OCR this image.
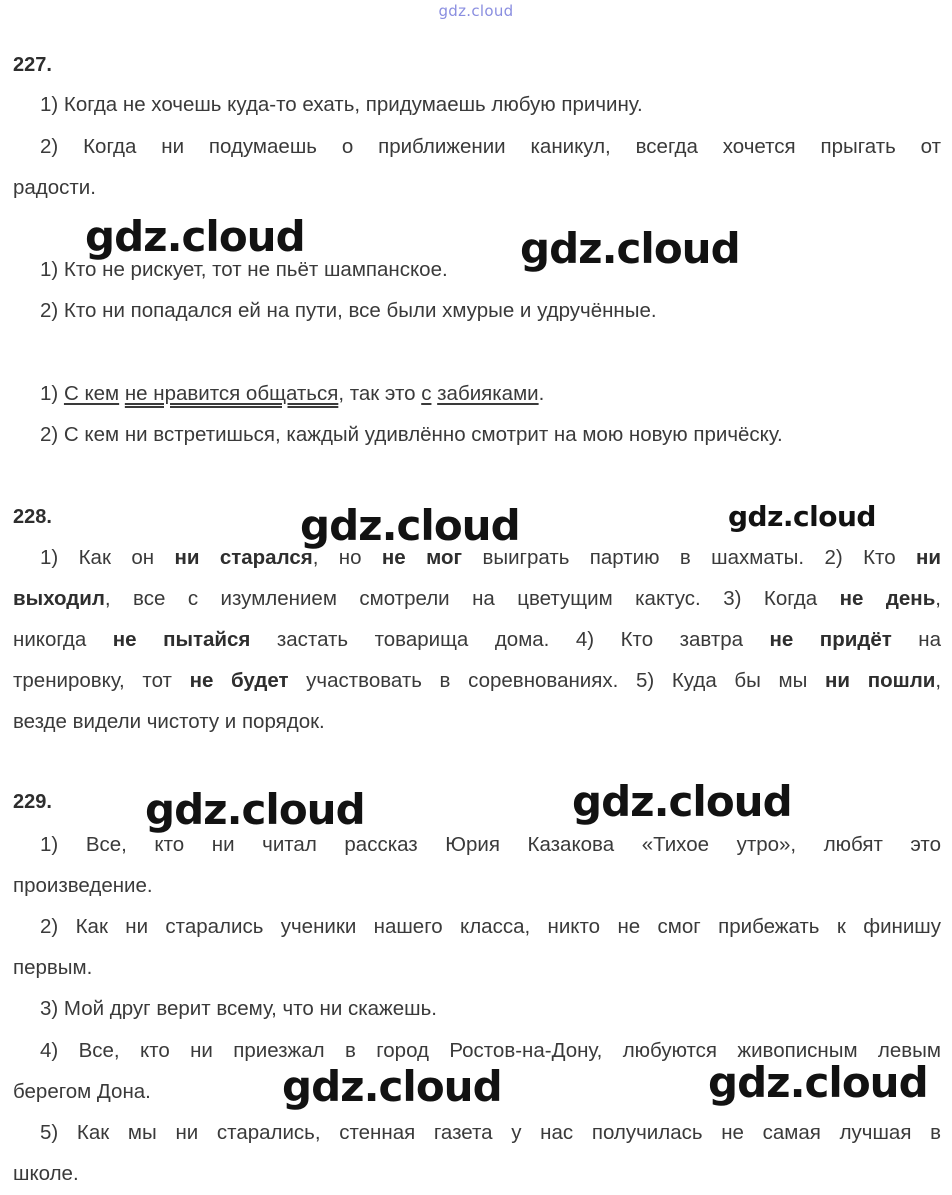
gdz.cloud
227.
1) Когда не хочешь куда-то ехать, придумаешь любую причину.
2) Когда ни подумаешь о приближении каникул, всегда хочется прыгать от
радости.
1) Кто не рискует, тот не пьёт шампанское.
2) Кто ни попадался ей на пути, все были хмурые и удручённые.
1) С кем не нравится общаться, так это с забияками.
2) С кем ни встретишься, каждый удивлённо смотрит на мою новую причёску.
228.
1) Как он ни старался, но не мог выиграть партию в шахматы. 2) Кто ни
выходил, все с изумлением смотрели на цветущим кактус. 3) Когда не день,
никогда не пытайся застать товарища дома. 4) Кто завтра не придёт на
тренировку, тот не будет участвовать в соревнованиях. 5) Куда бы мы ни пошли,
везде видели чистоту и порядок.
229.
1) Все, кто ни читал рассказ Юрия Казакова «Тихое утро», любят это
произведение.
2) Как ни старались ученики нашего класса, никто не смог прибежать к финишу
первым.
3) Мой друг верит всему, что ни скажешь.
4) Все, кто ни приезжал в город Ростов-на-Дону, любуются живописным левым
берегом Дона.
5) Как мы ни старались, стенная газета у нас получилась не самая лучшая в
школе.
gdz.cloud	gdz.cloud
gdz.cloud	gdz.cloud
gdz.cloud	gdz.cloud
gdz.cloud	gdz.cloud
